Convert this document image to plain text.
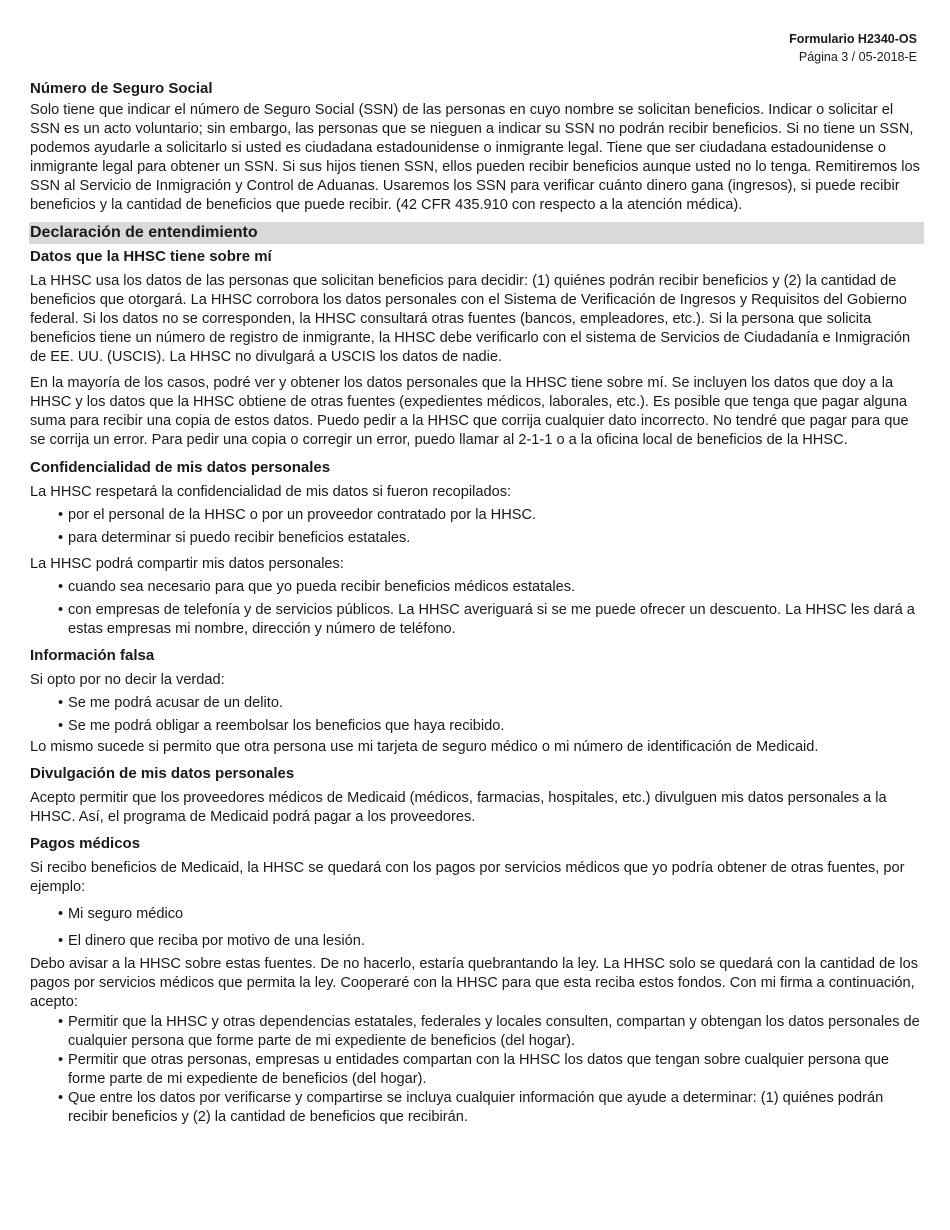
Formulario H2340-OS
Página 3 / 05-2018-E
Número de Seguro Social

Solo tiene que indicar el número de Seguro Social (SSN) de las personas en cuyo nombre se solicitan beneficios. Indicar o solicitar el SSN es un acto voluntario; sin embargo, las personas que se nieguen a indicar su SSN no podrán recibir beneficios. Si no tiene un SSN, podemos ayudarle a solicitarlo si usted es ciudadana estadounidense o inmigrante legal. Tiene que ser ciudadana estadounidense o inmigrante legal para obtener un SSN. Si sus hijos tienen SSN, ellos pueden recibir beneficios aunque usted no lo tenga. Remitiremos los SSN al Servicio de Inmigración y Control de Aduanas. Usaremos los SSN para verificar cuánto dinero gana (ingresos), si puede recibir beneficios y la cantidad de beneficios que puede recibir. (42 CFR 435.910 con respecto a la atención médica).

Declaración de entendimiento
Datos que la HHSC tiene sobre mí

La HHSC usa los datos de las personas que solicitan beneficios para decidir: (1) quiénes podrán recibir beneficios y (2) la cantidad de beneficios que otorgará. La HHSC corrobora los datos personales con el Sistema de Verificación de Ingresos y Requisitos del Gobierno federal. Si los datos no se corresponden, la HHSC consultará otras fuentes (bancos, empleadores, etc.). Si la persona que solicita beneficios tiene un número de registro de inmigrante, la HHSC debe verificarlo con el sistema de Servicios de Ciudadanía e Inmigración de EE. UU. (USCIS). La HHSC no divulgará a USCIS los datos de nadie.

En la mayoría de los casos, podré ver y obtener los datos personales que la HHSC tiene sobre mí. Se incluyen los datos que doy a la HHSC y los datos que la HHSC obtiene de otras fuentes (expedientes médicos, laborales, etc.). Es posible que tenga que pagar alguna suma para recibir una copia de estos datos. Puedo pedir a la HHSC que corrija cualquier dato incorrecto. No tendré que pagar para que se corrija un error. Para pedir una copia o corregir un error, puedo llamar al 2-1-1 o a la oficina local de beneficios de la HHSC.

Confidencialidad de mis datos personales

La HHSC respetará la confidencialidad de mis datos si fueron recopilados:

• por el personal de la HHSC o por un proveedor contratado por la HHSC.
• para determinar si puedo recibir beneficios estatales.

La HHSC podrá compartir mis datos personales:

• cuando sea necesario para que yo pueda recibir beneficios médicos estatales.
• con empresas de telefonía y de servicios públicos. La HHSC averiguará si se me puede ofrecer un descuento. La HHSC les dará a estas empresas mi nombre, dirección y número de teléfono.
Información falsa

Si opto por no decir la verdad:

• Se me podrá acusar de un delito.
• Se me podrá obligar a reembolsar los beneficios que haya recibido.

Lo mismo sucede si permito que otra persona use mi tarjeta de seguro médico o mi número de identificación de Medicaid.

Divulgación de mis datos personales

Acepto permitir que los proveedores médicos de Medicaid (médicos, farmacias, hospitales, etc.) divulguen mis datos personales a la HHSC. Así, el programa de Medicaid podrá pagar a los proveedores.

Pagos médicos

Si recibo beneficios de Medicaid, la HHSC se quedará con los pagos por servicios médicos que yo podría obtener de otras fuentes, por ejemplo:

• Mi seguro médico
• El dinero que reciba por motivo de una lesión.

Debo avisar a la HHSC sobre estas fuentes. De no hacerlo, estaría quebrantando la ley. La HHSC solo se quedará con la cantidad de los pagos por servicios médicos que permita la ley. Cooperaré con la HHSC para que esta reciba estos fondos. Con mi firma a continuación, acepto:

• Permitir que la HHSC y otras dependencias estatales, federales y locales consulten, compartan y obtengan los datos personales de cualquier persona que forme parte de mi expediente de beneficios (del hogar).
• Permitir que otras personas, empresas u entidades compartan con la HHSC los datos que tengan sobre cualquier persona que forme parte de mi expediente de beneficios (del hogar).
• Que entre los datos por verificarse y compartirse se incluya cualquier información que ayude a determinar: (1) quiénes podrán recibir beneficios y (2) la cantidad de beneficios que recibirán.
